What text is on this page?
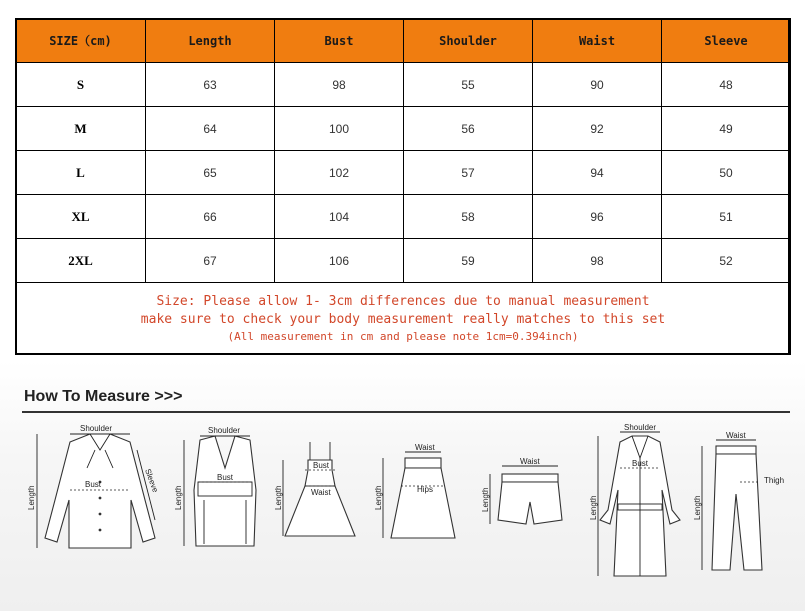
SIZE（cm)	Length	Bust	Shoulder	Waist	Sleeve
S	63	98	55	90	48
M	64	100	56	92	49
L	65	102	57	94	50
XL	66	104	58	96	51
2XL	67	106	59	98	52

Size: Please allow 1- 3cm differences due to manual measurement
make sure to check your body measurement really matches to this set
(All measurement in cm and please note 1cm=0.394inch)					
How To Measure >>>
Shoulder
Bust
Length
Sleeve
Shoulder
Bust
Length
Bust
Waist
Length
Waist
Hips
Length
Waist
Length
Shoulder
Bust
Length
Waist
Thigh
Length
